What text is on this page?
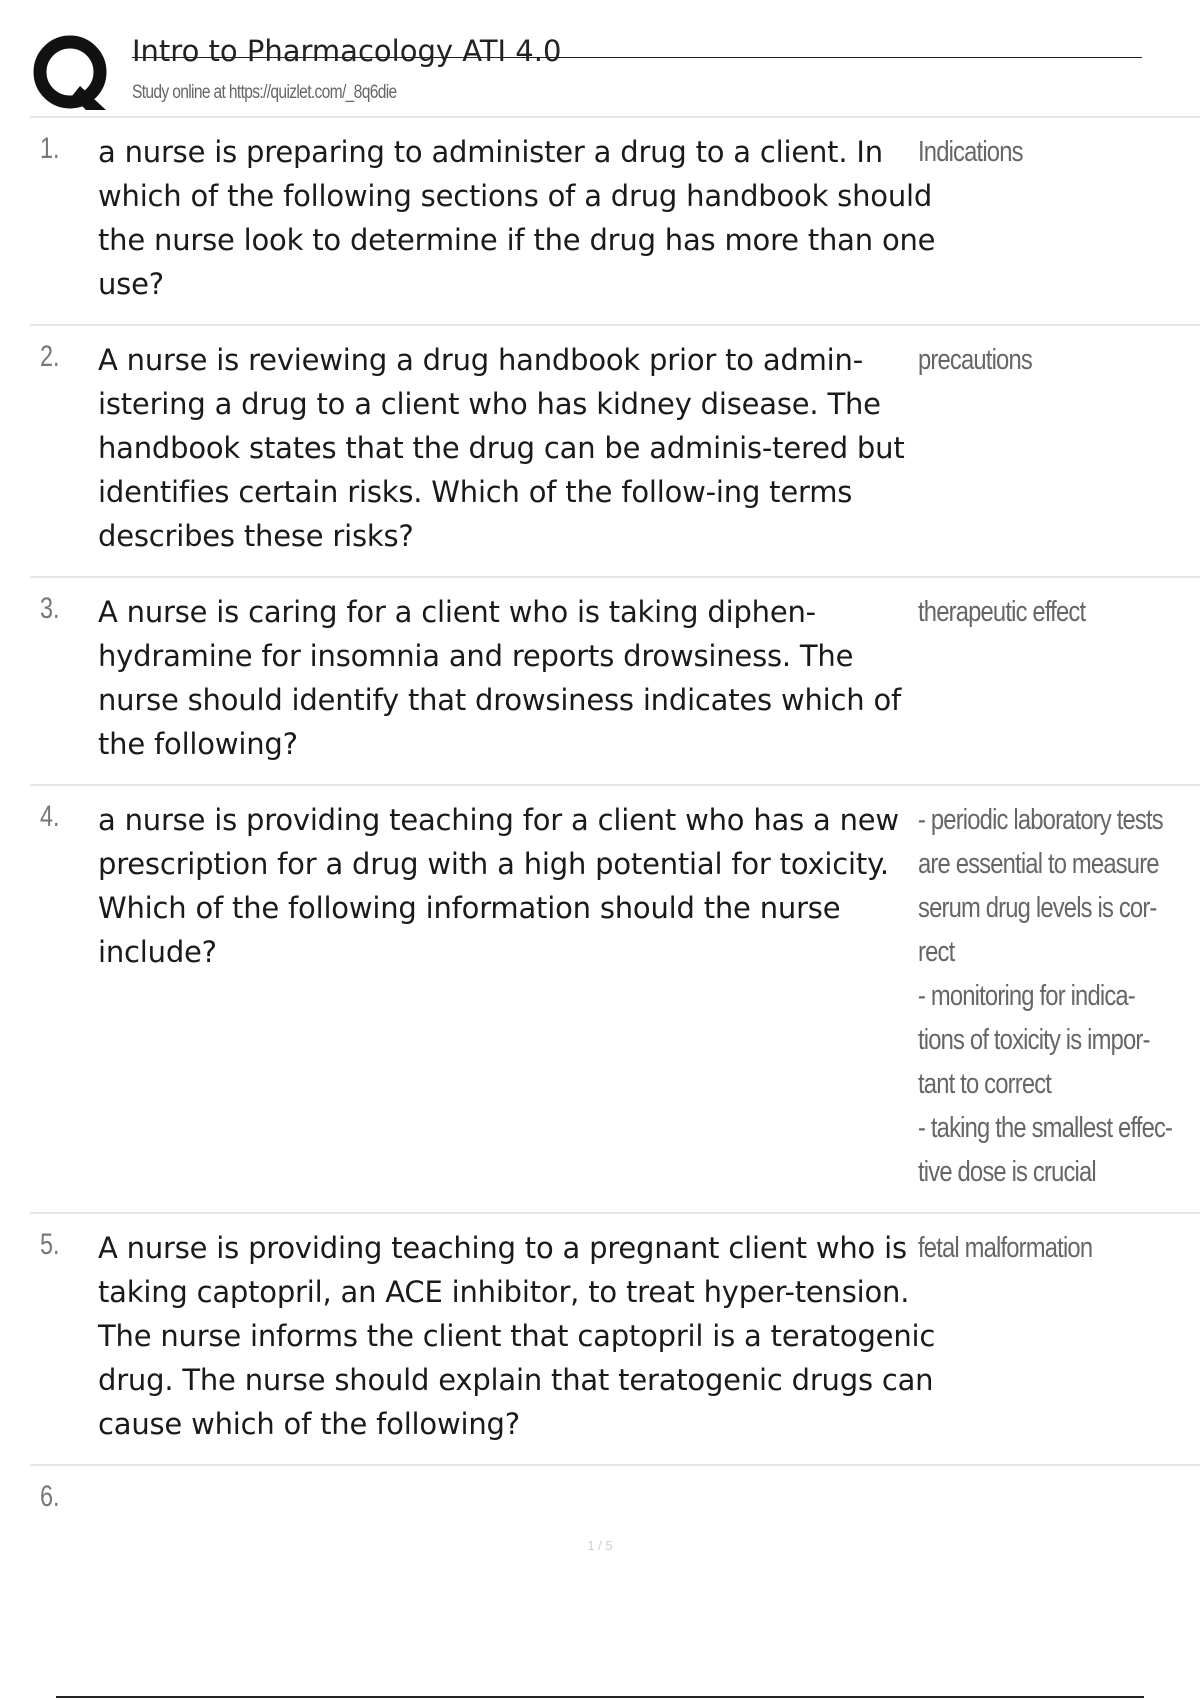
Intro to Pharmacology ATI 4.0
Study online at https://quizlet.com/_8q6die
1. a nurse is preparing to administer a drug to a client. In which of the following sections of a drug handbook should the nurse look to determine if the drug has more than one use?
Indications
2. A nurse is reviewing a drug handbook prior to admin-istering a drug to a client who has kidney disease. The handbook states that the drug can be adminis-tered but identifies certain risks. Which of the follow-ing terms describes these risks?
precautions
3. A nurse is caring for a client who is taking diphen-hydramine for insomnia and reports drowsiness. The nurse should identify that drowsiness indicates which of the following?
therapeutic effect
4. a nurse is providing teaching for a client who has a new prescription for a drug with a high potential for toxicity. Which of the following information should the nurse include?
- periodic laboratory tests
are essential to measure
serum drug levels is cor-
rect
- monitoring for indica-
tions of toxicity is impor-
tant to correct
- taking the smallest effec-
tive dose is crucial
5. A nurse is providing teaching to a pregnant client who is taking captopril, an ACE inhibitor, to treat hyper-tension. The nurse informs the client that captopril is a teratogenic drug. The nurse should explain that teratogenic drugs can cause which of the following?
fetal malformation
6.
1 / 5
